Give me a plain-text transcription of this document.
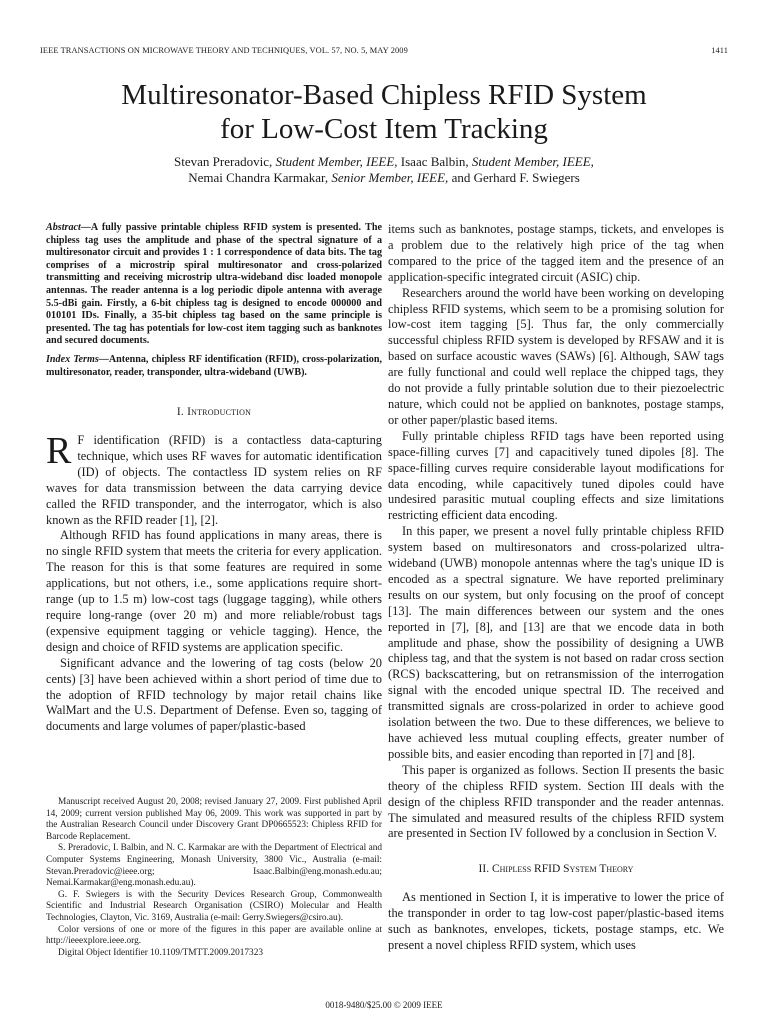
IEEE TRANSACTIONS ON MICROWAVE THEORY AND TECHNIQUES, VOL. 57, NO. 5, MAY 2009	1411
Multiresonator-Based Chipless RFID System
for Low-Cost Item Tracking
Stevan Preradovic, Student Member, IEEE, Isaac Balbin, Student Member, IEEE,
Nemai Chandra Karmakar, Senior Member, IEEE, and Gerhard F. Swiegers

Abstract—A fully passive printable chipless RFID system is presented. The chipless tag uses the amplitude and phase of the spectral signature of a multiresonator circuit and provides 1 : 1 correspondence of data bits. The tag comprises of a microstrip spiral multiresonator and cross-polarized transmitting and receiving microstrip ultra-wideband disc loaded monopole antennas. The reader antenna is a log periodic dipole antenna with average 5.5-dBi gain. Firstly, a 6-bit chipless tag is designed to encode 000000 and 010101 IDs. Finally, a 35-bit chipless tag based on the same principle is presented. The tag has potentials for low-cost item tagging such as banknotes and secured documents.

Index Terms—Antenna, chipless RF identification (RFID), cross-polarization, multiresonator, reader, transponder, ultra-wideband (UWB).

I. Introduction

R F identification (RFID) is a contactless data-capturing technique, which uses RF waves for automatic identification (ID) of objects. The contactless ID system relies on RF waves for data transmission between the data carrying device called the RFID transponder, and the interrogator, which is also known as the RFID reader [1], [2].

Although RFID has found applications in many areas, there is no single RFID system that meets the criteria for every application. The reason for this is that some features are required in some applications, but not others, i.e., some applications require short-range (up to 1.5 m) low-cost tags (luggage tagging), while others require long-range (over 20 m) and more reliable/robust tags (expensive equipment tagging or vehicle tagging). Hence, the design and choice of RFID systems are application specific.

Significant advance and the lowering of tag costs (below 20 cents) [3] have been achieved within a short period of time due to the adoption of RFID technology by major retail chains like WalMart and the U.S. Department of Defense. Even so, tagging of documents and large volumes of paper/plastic-based

Manuscript received August 20, 2008; revised January 27, 2009. First published April 14, 2009; current version published May 06, 2009. This work was supported in part by the Australian Research Council under Discovery Grant DP0665523: Chipless RFID for Barcode Replacement.

S. Preradovic, I. Balbin, and N. C. Karmakar are with the Department of Electrical and Computer Systems Engineering, Monash University, 3800 Vic., Australia (e-mail: Stevan.Preradovic@ieee.org; Isaac.Balbin@eng.monash.edu.au; Nemai.Karmakar@eng.monash.edu.au).

G. F. Swiegers is with the Security Devices Research Group, Commonwealth Scientific and Industrial Research Organisation (CSIRO) Molecular and Health Technologies, Clayton, Vic. 3169, Australia (e-mail: Gerry.Swiegers@csiro.au).

Color versions of one or more of the figures in this paper are available online at http://ieeexplore.ieee.org.

Digital Object Identifier 10.1109/TMTT.2009.2017323

items such as banknotes, postage stamps, tickets, and envelopes is a problem due to the relatively high price of the tag when compared to the price of the tagged item and the presence of an application-specific integrated circuit (ASIC) chip.

Researchers around the world have been working on developing chipless RFID systems, which seem to be a promising solution for low-cost item tagging [5]. Thus far, the only commercially successful chipless RFID system is developed by RFSAW and it is based on surface acoustic waves (SAWs) [6]. Although, SAW tags are fully functional and could well replace the chipped tags, they do not provide a fully printable solution due to their piezoelectric nature, which could not be applied on banknotes, postage stamps, or other paper/plastic based items.

Fully printable chipless RFID tags have been reported using space-filling curves [7] and capacitively tuned dipoles [8]. The space-filling curves require considerable layout modifications for data encoding, while capacitively tuned dipoles could have undesired parasitic mutual coupling effects and size limitations restricting efficient data encoding.

In this paper, we present a novel fully printable chipless RFID system based on multiresonators and cross-polarized ultra-wideband (UWB) monopole antennas where the tag's unique ID is encoded as a spectral signature. We have reported preliminary results on our system, but only focusing on the proof of concept [13]. The main differences between our system and the ones reported in [7], [8], and [13] are that we encode data in both amplitude and phase, show the possibility of designing a UWB chipless tag, and that the system is not based on radar cross section (RCS) backscattering, but on retransmission of the interrogation signal with the encoded unique spectral ID. The received and transmitted signals are cross-polarized in order to achieve good isolation between the two. Due to these differences, we believe to have achieved less mutual coupling effects, greater number of possible bits, and easier encoding than reported in [7] and [8].

This paper is organized as follows. Section II presents the basic theory of the chipless RFID system. Section III deals with the design of the chipless RFID transponder and the reader antennas. The simulated and measured results of the chipless RFID system are presented in Section IV followed by a conclusion in Section V.

II. Chipless RFID System Theory

As mentioned in Section I, it is imperative to lower the price of the transponder in order to tag low-cost paper/plastic-based items such as banknotes, envelopes, tickets, postage stamps, etc. We present a novel chipless RFID system, which uses

0018-9480/$25.00 © 2009 IEEE
